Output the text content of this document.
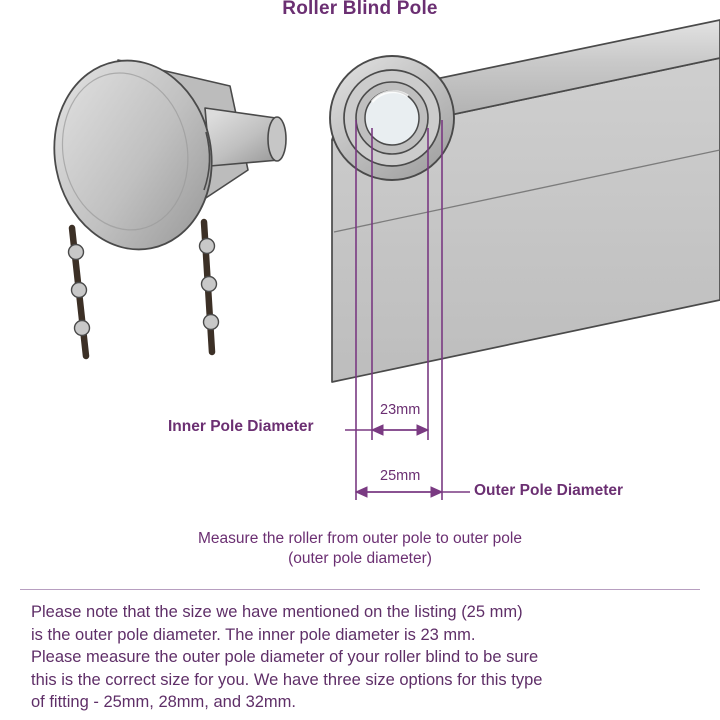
Roller Blind Pole
Inner Pole Diameter
Outer Pole Diameter
23mm
25mm
Measure the roller from outer pole to outer pole
(outer pole diameter)
Please note that the size we have mentioned on the listing (25 mm)
is the outer pole diameter. The inner pole diameter is 23 mm.
Please measure the outer pole diameter of your roller blind to be sure
this is the correct size for you. We have three size options for this type
of fitting - 25mm, 28mm, and 32mm.
